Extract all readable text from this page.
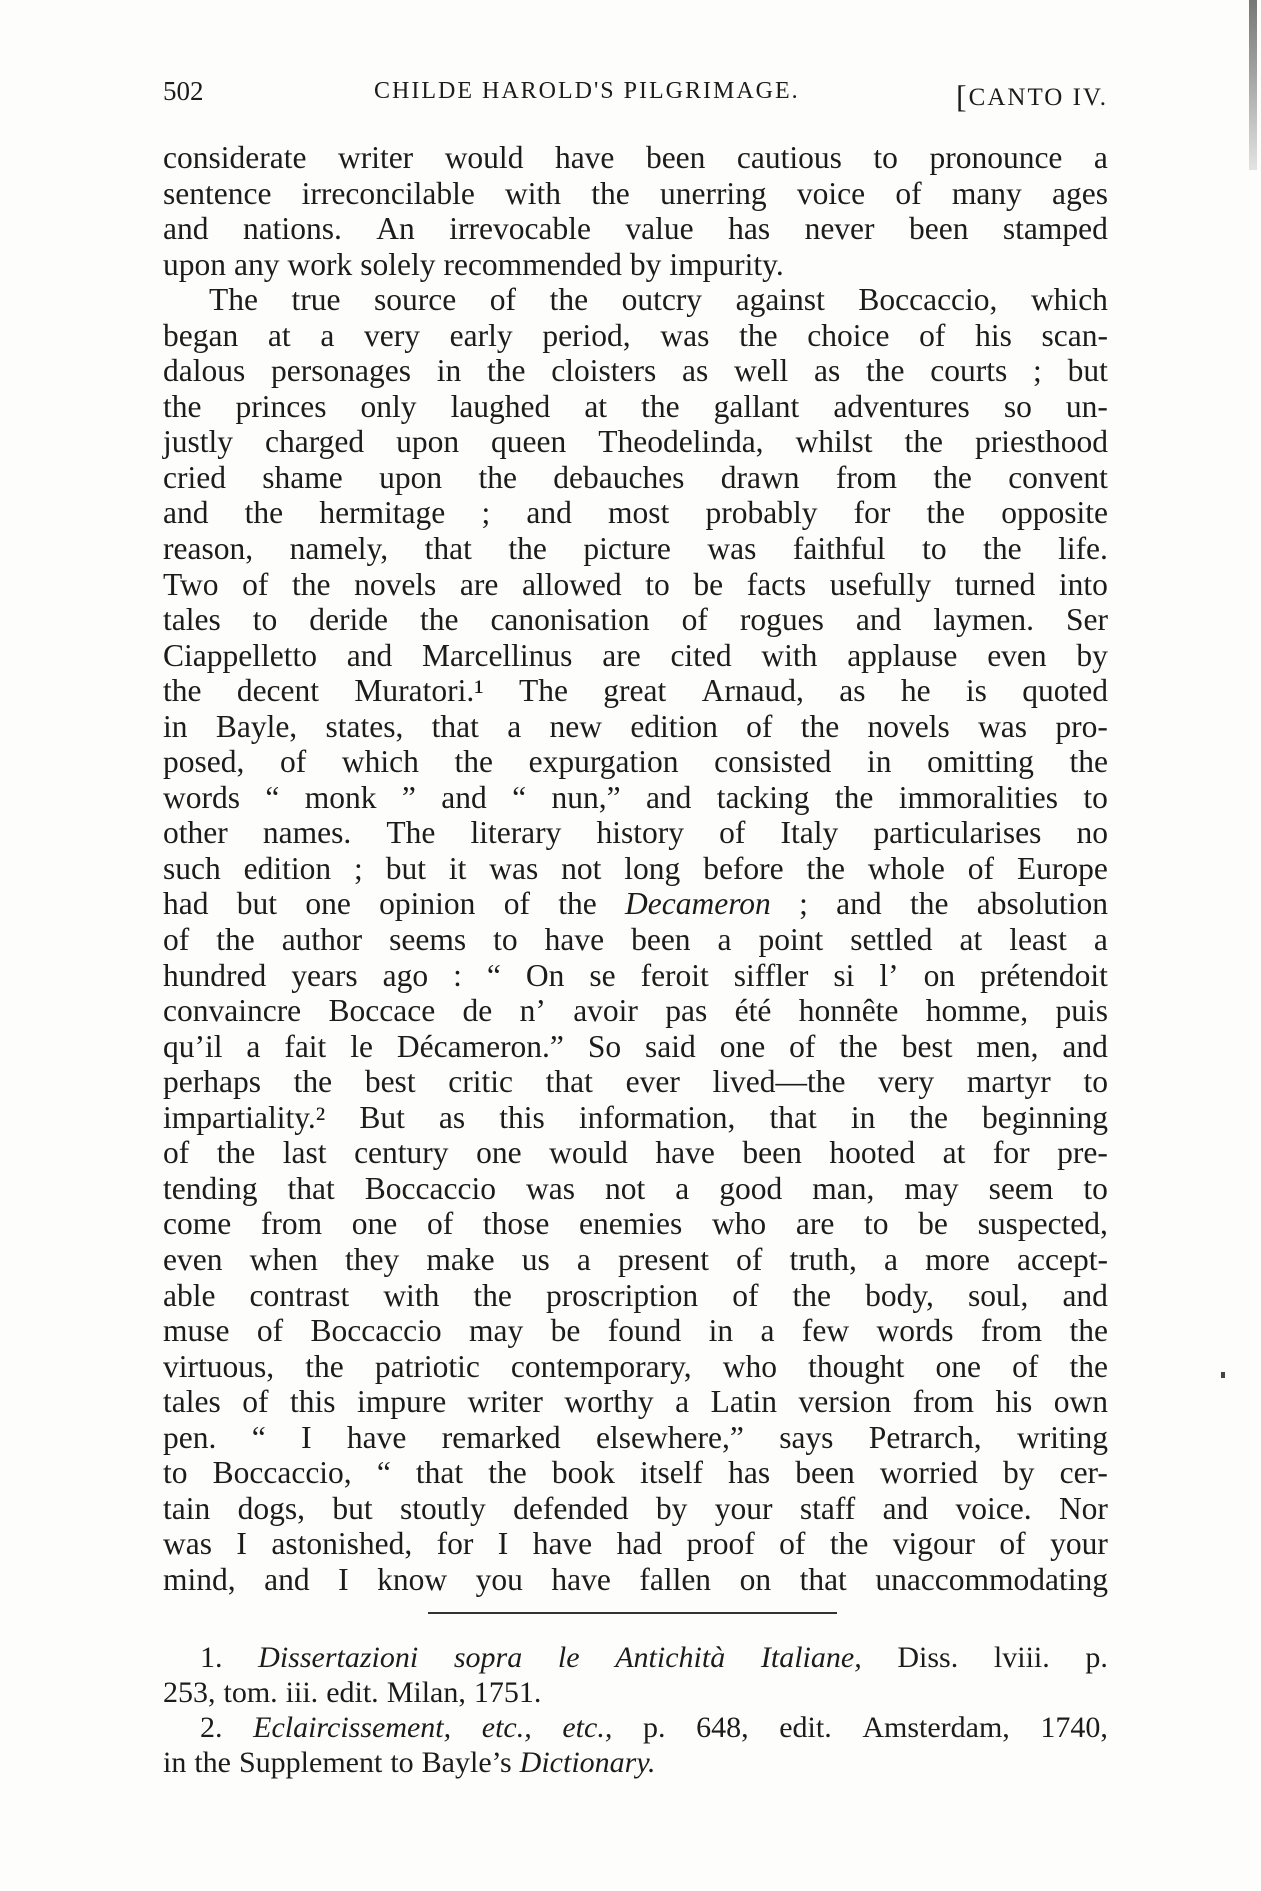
502	CHILDE HAROLD'S PILGRIMAGE.	[CANTO IV.
considerate writer would have been cautious to pronounce a
sentence irreconcilable with the unerring voice of many ages
and nations. An irrevocable value has never been stamped
upon any work solely recommended by impurity.
The true source of the outcry against Boccaccio, which
began at a very early period, was the choice of his scan-
dalous personages in the cloisters as well as the courts ; but
the princes only laughed at the gallant adventures so un-
justly charged upon queen Theodelinda, whilst the priesthood
cried shame upon the debauches drawn from the convent
and the hermitage ; and most probably for the opposite
reason, namely, that the picture was faithful to the life.
Two of the novels are allowed to be facts usefully turned into
tales to deride the canonisation of rogues and laymen. Ser
Ciappelletto and Marcellinus are cited with applause even by
the decent Muratori.¹ The great Arnaud, as he is quoted
in Bayle, states, that a new edition of the novels was pro-
posed, of which the expurgation consisted in omitting the
words “ monk ” and “ nun,” and tacking the immoralities to
other names. The literary history of Italy particularises no
such edition ; but it was not long before the whole of Europe
had but one opinion of the Decameron ; and the absolution
of the author seems to have been a point settled at least a
hundred years ago : “ On se feroit siffler si l’ on prétendoit
convaincre Boccace de n’ avoir pas été honnête homme, puis
qu’il a fait le Décameron.” So said one of the best men, and
perhaps the best critic that ever lived—the very martyr to
impartiality.² But as this information, that in the beginning
of the last century one would have been hooted at for pre-
tending that Boccaccio was not a good man, may seem to
come from one of those enemies who are to be suspected,
even when they make us a present of truth, a more accept-
able contrast with the proscription of the body, soul, and
muse of Boccaccio may be found in a few words from the
virtuous, the patriotic contemporary, who thought one of the
tales of this impure writer worthy a Latin version from his own
pen. “ I have remarked elsewhere,” says Petrarch, writing
to Boccaccio, “ that the book itself has been worried by cer-
tain dogs, but stoutly defended by your staff and voice. Nor
was I astonished, for I have had proof of the vigour of your
mind, and I know you have fallen on that unaccommodating
1. Dissertazioni sopra le Antichità Italiane, Diss. lviii. p.
253, tom. iii. edit. Milan, 1751.
2. Eclaircissement, etc., etc., p. 648, edit. Amsterdam, 1740,
in the Supplement to Bayle’s Dictionary.
